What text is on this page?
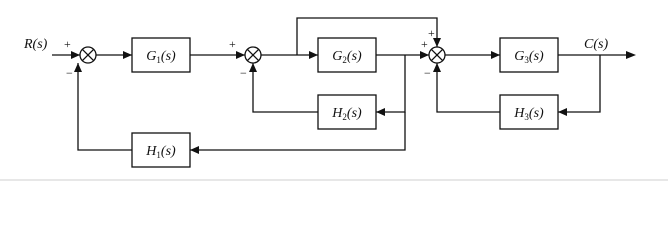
$G_1(s)$	$G_2(s)$	$G_3(s)$
$H_2(s)$	$H_3(s)$
$H_1(s)$
R(s)	C(s)
+
−
+
−
+
+
−
